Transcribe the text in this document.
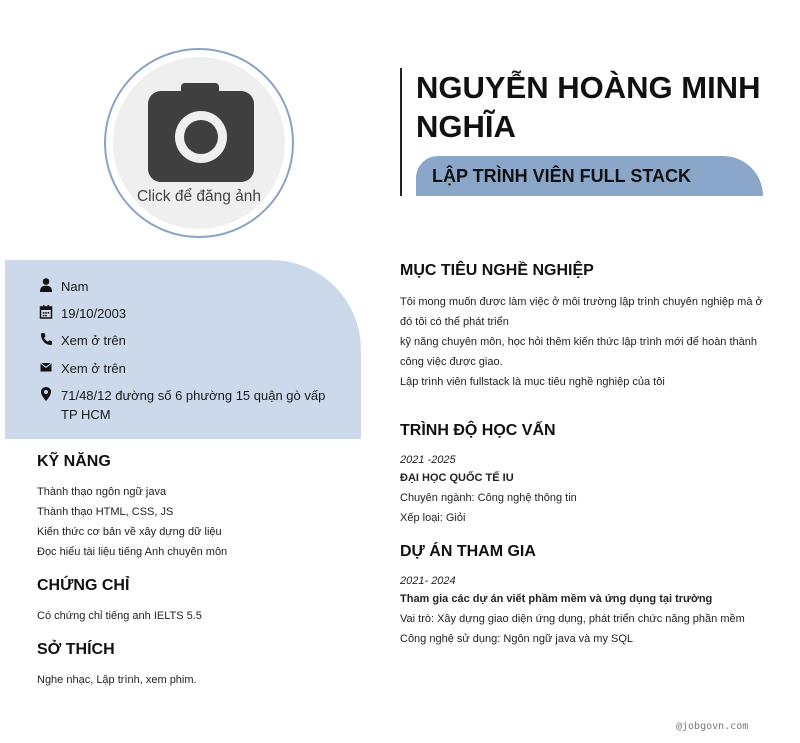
Click để đăng ảnh
NGUYỄN HOÀNG MINH NGHĨA
LẬP TRÌNH VIÊN FULL STACK
Nam
19/10/2003
Xem ở trên
Xem ở trên
71/48/12 đường số 6 phường 15 quận gò vấp TP HCM
KỸ NĂNG
Thành thạo ngôn ngữ java
Thành thạo HTML, CSS, JS
Kiến thức cơ bản về xây dựng dữ liệu
Đọc hiểu tài liệu tiếng Anh chuyên môn
CHỨNG CHỈ
Có chứng chỉ tiếng anh IELTS 5.5
SỞ THÍCH
Nghe nhạc, Lập trình, xem phim.
MỤC TIÊU NGHỀ NGHIỆP
Tôi mong muốn được làm việc ở môi trường lập trình chuyên nghiệp mà ở
đó tôi có thể phát triển
kỹ năng chuyên môn, học hỏi thêm kiến thức lập trình mới để hoàn thành
công việc được giao.
Lập trình viên fullstack là mục tiêu nghề nghiệp của tôi
TRÌNH ĐỘ HỌC VẤN
2021 -2025
ĐẠI HỌC QUỐC TẾ IU
Chuyên ngành: Công nghệ thông tin
Xếp loại: Giỏi
DỰ ÁN THAM GIA
2021- 2024
Tham gia các dự án viết phầm mềm và ứng dụng tại trường
Vai trò: Xây dựng giao diện ứng dụng, phát triển chức năng phần mềm
Công nghệ sử dụng: Ngôn ngữ java và my SQL
@jobgovn.com
